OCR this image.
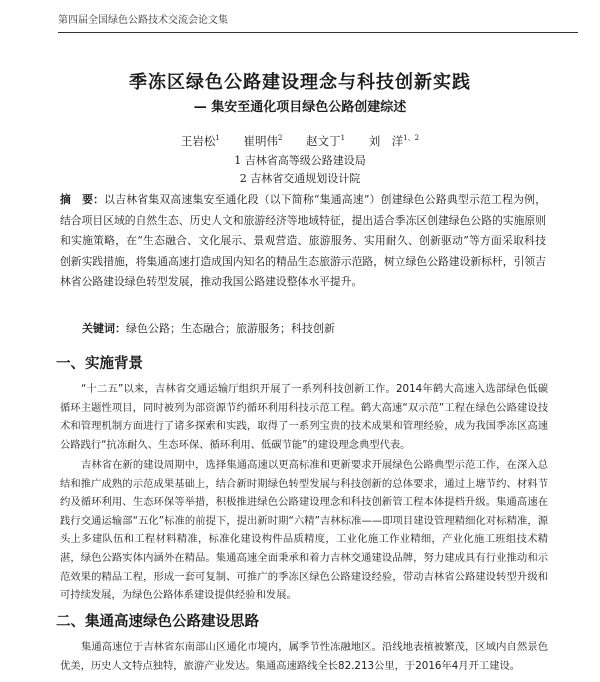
第四届全国绿色公路技术交流会论文集
季冻区绿色公路建设理念与科技创新实践
— 集安至通化项目绿色公路创建综述
王岩松$^1$ 崔明伟$^2$ 赵文丁$^1$ 刘　洋$^{1、2}$
1 吉林省高等级公路建设局
2 吉林省交通规划设计院
摘　要：以吉林省集双高速集安至通化段（以下简称“集通高速”）创建绿色公路典型示范工程为例，结合项目区域的自然生态、历史人文和旅游经济等地域特征，提出适合季冻区创建绿色公路的实施原则和实施策略，在“生态融合、文化展示、景观营造、旅游服务、实用耐久、创新驱动”等方面采取科技创新实践措施，将集通高速打造成国内知名的精品生态旅游示范路，树立绿色公路建设新标杆，引领吉林省公路建设绿色转型发展，推动我国公路建设整体水平提升。
关键词：绿色公路；生态融合；旅游服务；科技创新
一、实施背景
“十二五”以来，吉林省交通运输厅组织开展了一系列科技创新工作。2014年鹤大高速入选部绿色低碳循环主题性项目，同时被列为部资源节约循环利用科技示范工程。鹤大高速“双示范”工程在绿色公路建设技术和管理机制方面进行了诸多探索和实践，取得了一系列宝贵的技术成果和管理经验，成为我国季冻区高速公路践行“抗冻耐久、生态环保、循环利用、低碳节能”的建设理念典型代表。
吉林省在新的建设周期中，选择集通高速以更高标准和更新要求开展绿色公路典型示范工作，在深入总结和推广成熟的示范成果基础上，结合新时期绿色转型发展与科技创新的总体要求，通过上塘节约、材料节约及循环利用、生态环保等举措，积极推进绿色公路建设理念和科技创新管工程本体提档升级。集通高速在践行交通运输部“五化”标准的前提下，提出新时期“六精”吉林标准——即项目建设管理精细化对标精准，源头上多建队伍和工程材料精准，标准化建设构件品质精度，工业化施工作业精细，产业化施工班组技术精湛，绿色公路实体内涵外在精品。集通高速全面秉承和着力吉林交通建设品牌，努力建成具有行业推动和示范效果的精品工程，形成一套可复制、可推广的季冻区绿色公路建设经验，带动吉林省公路建设转型升级和可持续发展，为绿色公路体系建设提供经验和发展。
二、集通高速绿色公路建设思路
集通高速位于吉林省东南部山区通化市境内，属季节性冻融地区。沿线地表植被繁茂，区域内自然景色优美，历史人文特点独特，旅游产业发达。集通高速路线全长82.213公里，于2016年4月开工建设。
